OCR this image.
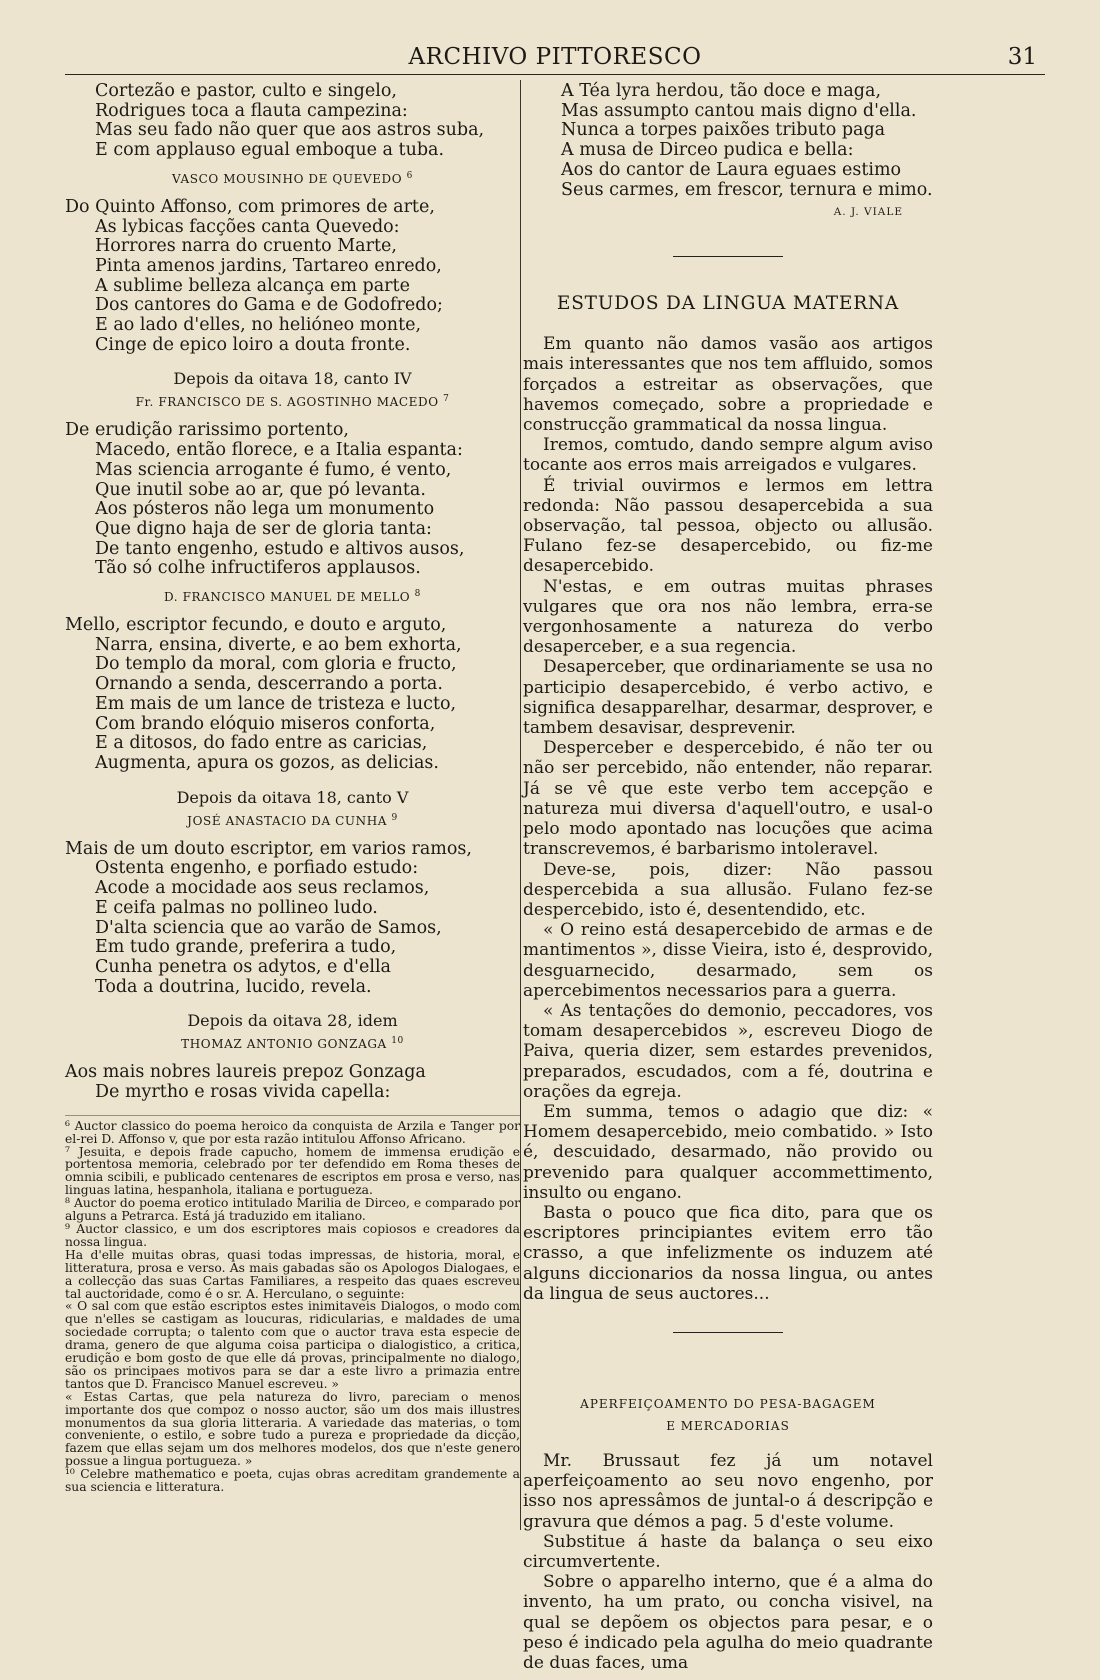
ARCHIVO PITTORESCO	31
Cortezão e pastor, culto e singelo,
Rodrigues toca a flauta campezina:
Mas seu fado não quer que aos astros suba,
E com applauso egual emboque a tuba.
VASCO MOUSINHO DE QUEVEDO $^6$
Do Quinto Affonso, com primores de arte,
As lybicas facções canta Quevedo:
Horrores narra do cruento Marte,
Pinta amenos jardins, Tartareo enredo,
A sublime belleza alcança em parte
Dos cantores do Gama e de Godofredo;
E ao lado d'elles, no helióneo monte,
Cinge de epico loiro a douta fronte.
Depois da oitava 18, canto IV
Fr. FRANCISCO DE S. AGOSTINHO MACEDO $^7$
De erudição rarissimo portento,
Macedo, então florece, e a Italia espanta:
Mas sciencia arrogante é fumo, é vento,
Que inutil sobe ao ar, que pó levanta.
Aos pósteros não lega um monumento
Que digno haja de ser de gloria tanta:
De tanto engenho, estudo e altivos ausos,
Tão só colhe infructiferos applausos.
D. FRANCISCO MANUEL DE MELLO $^8$
Mello, escriptor fecundo, e douto e arguto,
Narra, ensina, diverte, e ao bem exhorta,
Do templo da moral, com gloria e fructo,
Ornando a senda, descerrando a porta.
Em mais de um lance de tristeza e lucto,
Com brando elóquio miseros conforta,
E a ditosos, do fado entre as caricias,
Augmenta, apura os gozos, as delicias.
Depois da oitava 18, canto V
JOSÉ ANASTACIO DA CUNHA $^9$
Mais de um douto escriptor, em varios ramos,
Ostenta engenho, e porfiado estudo:
Acode a mocidade aos seus reclamos,
E ceifa palmas no pollineo ludo.
D'alta sciencia que ao varão de Samos,
Em tudo grande, preferira a tudo,
Cunha penetra os adytos, e d'ella
Toda a doutrina, lucido, revela.
Depois da oitava 28, idem
THOMAZ ANTONIO GONZAGA $^{10}$
Aos mais nobres laureis prepoz Gonzaga
De myrtho e rosas vivida capella:

⁶ Auctor classico do poema heroico da conquista de Arzila e Tanger por el-rei D. Affonso v, que por esta razão intitulou Affonso Africano.

⁷ Jesuita, e depois frade capucho, homem de immensa erudição e portentosa memoria, celebrado por ter defendido em Roma theses de omnia scibili, e publicado centenares de escriptos em prosa e verso, nas linguas latina, hespanhola, italiana e portugueza.

⁸ Auctor do poema erotico intitulado Marilia de Dirceo, e comparado por alguns a Petrarca. Está já traduzido em italiano.

⁹ Auctor classico, e um dos escriptores mais copiosos e creadores da nossa lingua.

Ha d'elle muitas obras, quasi todas impressas, de historia, moral, e litteratura, prosa e verso. As mais gabadas são os Apologos Dialogaes, e a collecção das suas Cartas Familiares, a respeito das quaes escreveu tal auctoridade, como é o sr. A. Herculano, o seguinte:

« O sal com que estão escriptos estes inimitaveis Dialogos, o modo com que n'elles se castigam as loucuras, ridicularias, e maldades de uma sociedade corrupta; o talento com que o auctor trava esta especie de drama, genero de que alguma coisa participa o dialogistico, a critica, erudição e bom gosto de que elle dá provas, principalmente no dialogo, são os principaes motivos para se dar a este livro a primazia entre tantos que D. Francisco Manuel escreveu. »

« Estas Cartas, que pela natureza do livro, pareciam o menos importante dos que compoz o nosso auctor, são um dos mais illustres monumentos da sua gloria litteraria. A variedade das materias, o tom conveniente, o estilo, e sobre tudo a pureza e propriedade da dicção, fazem que ellas sejam um dos melhores modelos, dos que n'este genero possue a lingua portugueza. »

¹⁰ Celebre mathematico e poeta, cujas obras acreditam grandemente a sua sciencia e litteratura.

A Téa lyra herdou, tão doce e maga,
Mas assumpto cantou mais digno d'ella.
Nunca a torpes paixões tributo paga
A musa de Dirceo pudica e bella:
Aos do cantor de Laura eguaes estimo
Seus carmes, em frescor, ternura e mimo.
A. J. VIALE
ESTUDOS DA LINGUA MATERNA

Em quanto não damos vasão aos artigos mais interessantes que nos tem affluido, somos forçados a estreitar as observações, que havemos começado, sobre a propriedade e construcção grammatical da nossa lingua.

Iremos, comtudo, dando sempre algum aviso tocante aos erros mais arreigados e vulgares.

É trivial ouvirmos e lermos em lettra redonda: Não passou desapercebida a sua observação, tal pessoa, objecto ou allusão. Fulano fez-se desapercebido, ou fiz-me desapercebido.

N'estas, e em outras muitas phrases vulgares que ora nos não lembra, erra-se vergonhosamente a natureza do verbo desaperceber, e a sua regencia.

Desaperceber, que ordinariamente se usa no participio desapercebido, é verbo activo, e significa desapparelhar, desarmar, desprover, e tambem desavisar, desprevenir.

Desperceber e despercebido, é não ter ou não ser percebido, não entender, não reparar. Já se vê que este verbo tem accepção e natureza mui diversa d'aquell'outro, e usal-o pelo modo apontado nas locuções que acima transcrevemos, é barbarismo intoleravel.

Deve-se, pois, dizer: Não passou despercebida a sua allusão. Fulano fez-se despercebido, isto é, desentendido, etc.

« O reino está desapercebido de armas e de mantimentos », disse Vieira, isto é, desprovido, desguarnecido, desarmado, sem os apercebimentos necessarios para a guerra.

« As tentações do demonio, peccadores, vos tomam desapercebidos », escreveu Diogo de Paiva, queria dizer, sem estardes prevenidos, preparados, escudados, com a fé, doutrina e orações da egreja.

Em summa, temos o adagio que diz: « Homem desapercebido, meio combatido. » Isto é, descuidado, desarmado, não provido ou prevenido para qualquer accommettimento, insulto ou engano.

Basta o pouco que fica dito, para que os escriptores principiantes evitem erro tão crasso, a que infelizmente os induzem até alguns diccionarios da nossa lingua, ou antes da lingua de seus auctores...

APERFEIÇOAMENTO DO PESA-BAGAGEM
E MERCADORIAS

Mr. Brussaut fez já um notavel aperfeiçoamento ao seu novo engenho, por isso nos apressâmos de juntal-o á descripção e gravura que démos a pag. 5 d'este volume.

Substitue á haste da balança o seu eixo circumvertente.

Sobre o apparelho interno, que é a alma do invento, ha um prato, ou concha visivel, na qual se depõem os objectos para pesar, e o peso é indicado pela agulha do meio quadrante de duas faces, uma
